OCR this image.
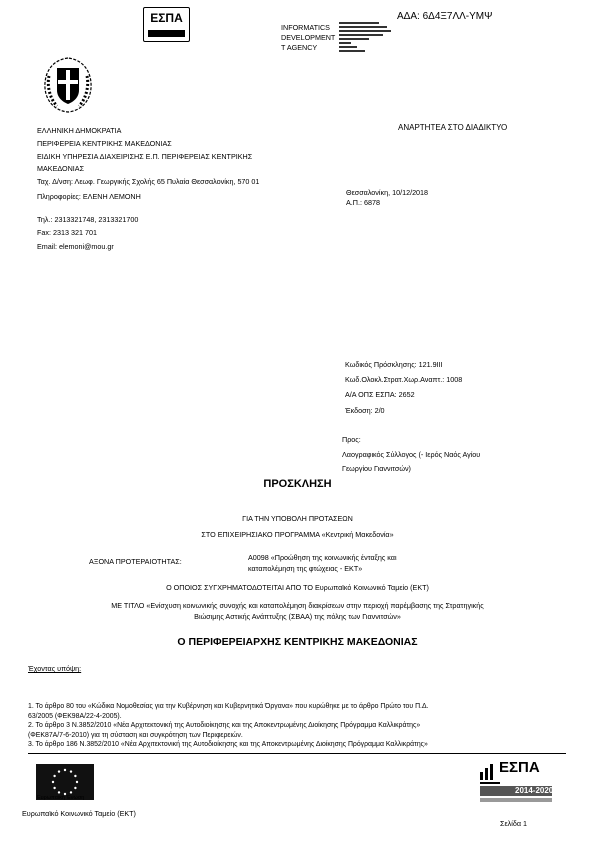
ΕΣΠΑ
INFORMATICS
DEVELOPMENT
T AGENCY
ΑΔΑ: 6Δ4Ξ7ΛΛ-ΥΜΨ
ΕΛΛΗΝΙΚΗ ΔΗΜΟΚΡΑΤΙΑ
ΠΕΡΙΦΕΡΕΙΑ ΚΕΝΤΡΙΚΗΣ ΜΑΚΕΔΟΝΙΑΣ
ΕΙΔΙΚΗ ΥΠΗΡΕΣΙΑ ΔΙΑΧΕΙΡΙΣΗΣ Ε.Π. ΠΕΡΙΦΕΡΕΙΑΣ ΚΕΝΤΡΙΚΗΣ
ΜΑΚΕΔΟΝΙΑΣ
Ταχ. Δ/νση: Λεωφ. Γεωργικής Σχολής 65 Πυλαία Θεσσαλονίκη, 570 01
Πληροφορίες: ΕΛΕΝΗ ΛΕΜΟΝΗ
Τηλ.: 2313321748, 2313321700
Fax: 2313 321 701
Email: elemoni@mou.gr
ΑΝΑΡΤΗΤΕΑ ΣΤΟ ΔΙΑΔΙΚΤΥΟ
Θεσσαλονίκη, 10/12/2018
Α.Π.: 6878
Κωδικός Πρόσκλησης: 121.9ΙΙΙ
Κωδ.Ολοκλ.Στρατ.Χωρ.Αναπτ.: 1008
Α/Α ΟΠΣ ΕΣΠΑ: 2652
Έκδοση: 2/0
Προς:
Λαογραφικός Σύλλογος (- Ιερός Ναός Αγίου
Γεωργίου Γιαννιτσών)
ΠΡΟΣΚΛΗΣΗ
ΓΙΑ ΤΗΝ ΥΠΟΒΟΛΗ ΠΡΟΤΑΣΕΩΝ
ΣΤΟ ΕΠΙΧΕΙΡΗΣΙΑΚΟ ΠΡΟΓΡΑΜΜΑ «Κεντρική Μακεδονία»
ΑΞΟΝΑ ΠΡΟΤΕΡΑΙΟΤΗΤΑΣ:	Α0098 «Προώθηση της κοινωνικής ένταξης και
καταπολέμηση της φτώχειας - ΕΚΤ»
Ο ΟΠΟΙΟΣ ΣΥΓΧΡΗΜΑΤΟΔΟΤΕΙΤΑΙ ΑΠΟ ΤΟ Ευρωπαϊκό Κοινωνικό Ταμείο (ΕΚΤ)
ΜΕ ΤΙΤΛΟ «Ενίσχυση κοινωνικής συνοχής και καταπολέμηση διακρίσεων στην περιοχή παρέμβασης της Στρατηγικής
Βιώσιμης Αστικής Ανάπτυξης (ΣΒΑΑ) της πόλης των Γιαννιτσών»
Ο ΠΕΡΙΦΕΡΕΙΑΡΧΗΣ ΚΕΝΤΡΙΚΗΣ ΜΑΚΕΔΟΝΙΑΣ
Έχοντας υπόψη:
1. Το άρθρο 80 του «Κώδικα Νομοθεσίας για την Κυβέρνηση και Κυβερνητικά Όργανα» που κυρώθηκε με το άρθρο Πρώτο του Π.Δ.
63/2005 (ΦΕΚ98Α/22-4-2005).
2. Το άρθρο 3 Ν.3852/2010 «Νέα Αρχιτεκτονική της Αυτοδιοίκησης και της Αποκεντρωμένης Διοίκησης Πρόγραμμα Καλλικράτης»
(ΦΕΚ87Α/7-6-2010) για τη σύσταση και συγκρότηση των Περιφερειών.
3. Το άρθρο 186 Ν.3852/2010 «Νέα Αρχιτεκτονική της Αυτοδιοίκησης και της Αποκεντρωμένης Διοίκησης Πρόγραμμα Καλλικράτης»
Ευρωπαϊκή Ένωση
Ευρωπαϊκό Κοινωνικό Ταμείο (ΕΚΤ)
ΕΣΠΑ
2014-2020
Σελίδα 1
